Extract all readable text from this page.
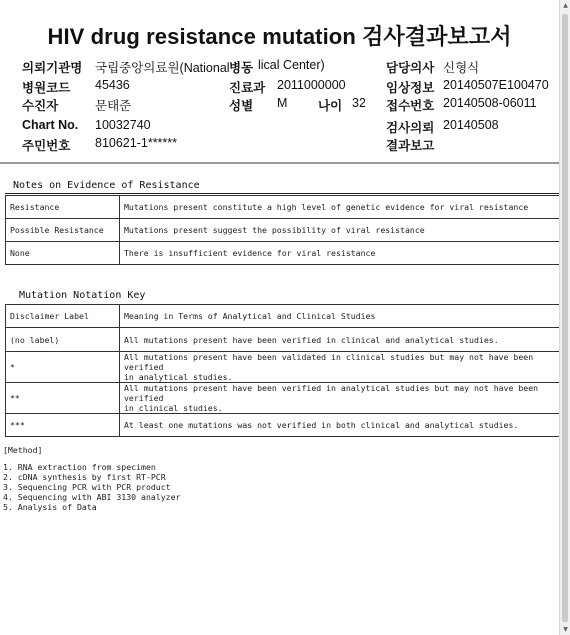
HIV drug resistance mutation 검사결과보고서
의뢰기관명 국립중앙의료원(National 병동 lical Center)	담당의사 신형식
병원코드 45436	진료과 2011000000	임상정보 20140507E100470
수진자	문태준	성별 M 나이 32 접수번호 20140508-06011
Chart No. 10032740	검사의뢰 20140508
주민번호 810621-1******	결과보고
Notes on Evidence of Resistance
Resistance	Mutations present constitute a high level of genetic evidence for viral resistance
Possible Resistance	Mutations present suggest the possibility of viral resistance
None	There is insufficient evidence for viral resistance
Mutation Notation Key
Disclaimer Label	Meaning in Terms of Analytical and Clinical Studies
(no label)	All mutations present have been verified in clinical and analytical studies.
*	All mutations present have been validated in clinical studies but may not have been verified
in analytical studies.
**	All mutations present have been verified in analytical studies but may not have been verified
in clinical studies.
***	At least one mutations was not verified in both clinical and analytical studies.
[Method]
1. RNA extraction from specimen
2. cDNA synthesis by first RT-PCR
3. Sequencing PCR with PCR product
4. Sequencing with ABI 3130 analyzer
5. Analysis of Data
▲
▼
